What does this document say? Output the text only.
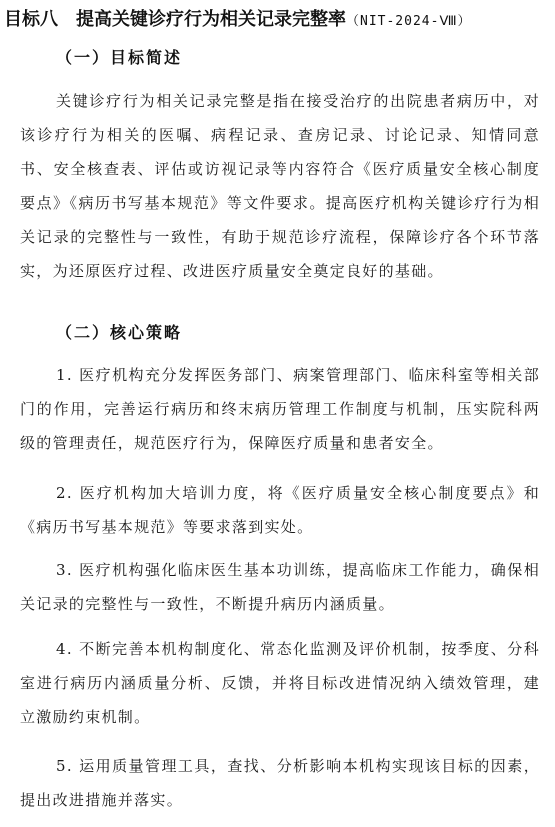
目标八　提高关键诊疗行为相关记录完整率（NIT-2024-Ⅷ）
（一）目标简述
关键诊疗行为相关记录完整是指在接受治疗的出院患者病历中，对该诊疗行为相关的医嘱、病程记录、查房记录、讨论记录、知情同意书、安全核查表、评估或访视记录等内容符合《医疗质量安全核心制度要点》《病历书写基本规范》等文件要求。提高医疗机构关键诊疗行为相关记录的完整性与一致性，有助于规范诊疗流程，保障诊疗各个环节落实，为还原医疗过程、改进医疗质量安全奠定良好的基础。
（二）核心策略
1. 医疗机构充分发挥医务部门、病案管理部门、临床科室等相关部门的作用，完善运行病历和终末病历管理工作制度与机制，压实院科两级的管理责任，规范医疗行为，保障医疗质量和患者安全。
2. 医疗机构加大培训力度，将《医疗质量安全核心制度要点》和《病历书写基本规范》等要求落到实处。
3. 医疗机构强化临床医生基本功训练，提高临床工作能力，确保相关记录的完整性与一致性，不断提升病历内涵质量。
4. 不断完善本机构制度化、常态化监测及评价机制，按季度、分科室进行病历内涵质量分析、反馈，并将目标改进情况纳入绩效管理，建立激励约束机制。
5. 运用质量管理工具，查找、分析影响本机构实现该目标的因素，提出改进措施并落实。
